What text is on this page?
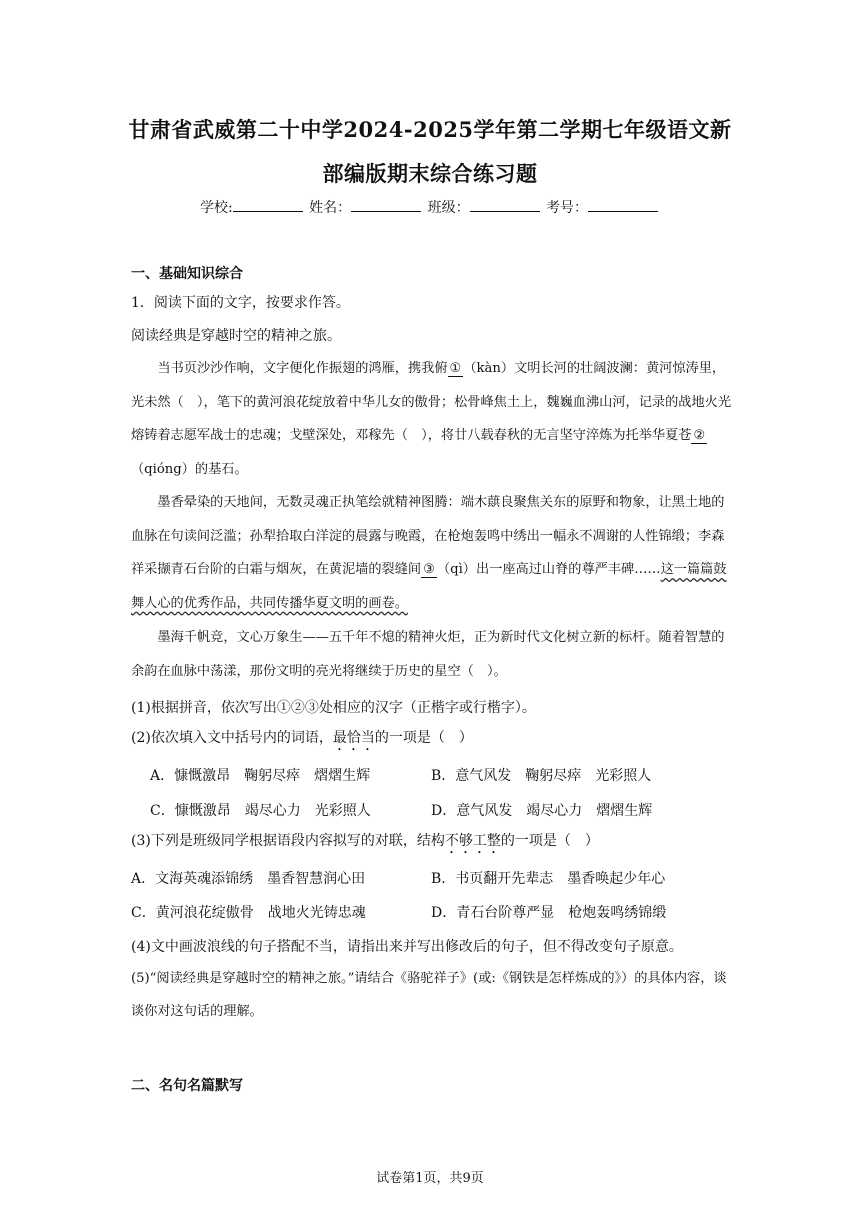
甘肃省武威第二十中学2024-2025学年第二学期七年级语文新
部编版期末综合练习题
学校:	姓名：	班级：	考号：
一、基础知识综合
1．阅读下面的文字，按要求作答。
阅读经典是穿越时空的精神之旅。
当书页沙沙作响，文字便化作振翅的鸿雁，携我俯 ① （kàn）文明长河的壮阔波澜：黄河惊涛里，光未然（　），笔下的黄河浪花绽放着中华儿女的傲骨；松骨峰焦土上，魏巍血沸山河，记录的战地火光熔铸着志愿军战士的忠魂；戈壁深处，邓稼先（　），将廿八载春秋的无言坚守淬炼为托举华夏苍 ②（qióng）的基石。
墨香晕染的天地间，无数灵魂正执笔绘就精神图腾：端木蕻良聚焦关东的原野和物象，让黑土地的血脉在句读间泛滥；孙犁拾取白洋淀的晨露与晚霞，在枪炮轰鸣中绣出一幅永不凋谢的人性锦缎；李森祥采撷青石台阶的白霜与烟灰，在黄泥墙的裂缝间 ③ （qì）出一座高过山脊的尊严丰碑……这一篇篇鼓舞人心的优秀作品，共同传播华夏文明的画卷。
墨海千帆竞，文心万象生——五千年不熄的精神火炬，正为新时代文化树立新的标杆。随着智慧的余韵在血脉中荡漾，那份文明的亮光将继续于历史的星空（　）。
(1)根据拼音，依次写出①②③处相应的汉字（正楷字或行楷字）。
(2)依次填入文中括号内的词语，最恰当的一项是（　）
A．慷慨激昂　鞠躬尽瘁　熠熠生辉	B．意气风发　鞠躬尽瘁　光彩照人
C．慷慨激昂　竭尽心力　光彩照人	D．意气风发　竭尽心力　熠熠生辉
(3)下列是班级同学根据语段内容拟写的对联，结构不够工整的一项是（　）
A．文海英魂添锦绣　墨香智慧润心田	B．书页翻开先辈志　墨香唤起少年心
C．黄河浪花绽傲骨　战地火光铸忠魂	D．青石台阶尊严显　枪炮轰鸣绣锦缎
(4)文中画波浪线的句子搭配不当，请指出来并写出修改后的句子，但不得改变句子原意。
(5)“阅读经典是穿越时空的精神之旅。”请结合《骆驼祥子》(或:《钢铁是怎样炼成的》）的具体内容，谈谈你对这句话的理解。
二、名句名篇默写
试卷第1页，共9页
